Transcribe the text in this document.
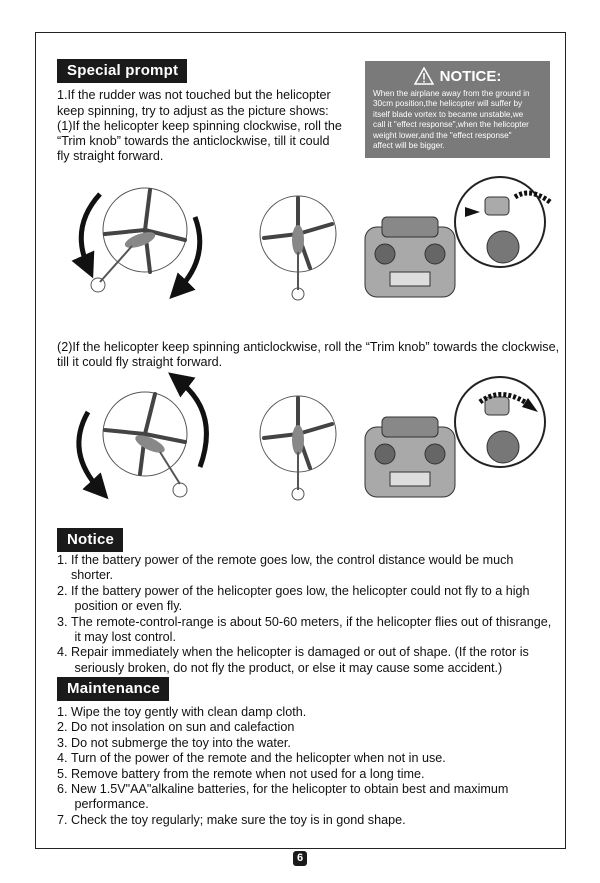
Special prompt
1.If the rudder was not touched but the helicopter
keep spinning, try to adjust as the picture shows:
(1)If the helicopter keep spinning clockwise, roll the
“Trim knob” towards the anticlockwise, till it could
fly straight forward.
NOTICE:
When the airplane away from the ground in
30cm position,the helicopter will suffer by
itself blade vortex to became unstable,we
call it "effect response",when the helicopter
weight lower,and the "effect response"
affect will be bigger.
(2)If the helicopter keep spinning anticlockwise, roll the “Trim knob” towards the clockwise,
till it could fly straight forward.
Notice
1. If the battery power of the remote goes low, the control distance would be much shorter.
2. If the battery power of the helicopter goes low, the helicopter could not fly to a high
position or even fly.
3. The remote-control-range is about 50-60 meters, if the helicopter flies out of thisrange,
it may lost control.
4. Repair immediately when the helicopter is damaged or out of shape. (If the rotor is
seriously broken, do not fly the product, or else it may cause some accident.)
Maintenance
1. Wipe the toy gently with clean damp cloth.
2. Do not insolation on sun and calefaction
3. Do not submerge the toy into the water.
4. Turn of the power of the remote and the helicopter when not in use.
5. Remove battery from the remote when not used for a long time.
6. New 1.5V"AA"alkaline batteries, for the helicopter to obtain best and maximum
performance.
7. Check the toy regularly; make sure the toy is in gond shape.
6
